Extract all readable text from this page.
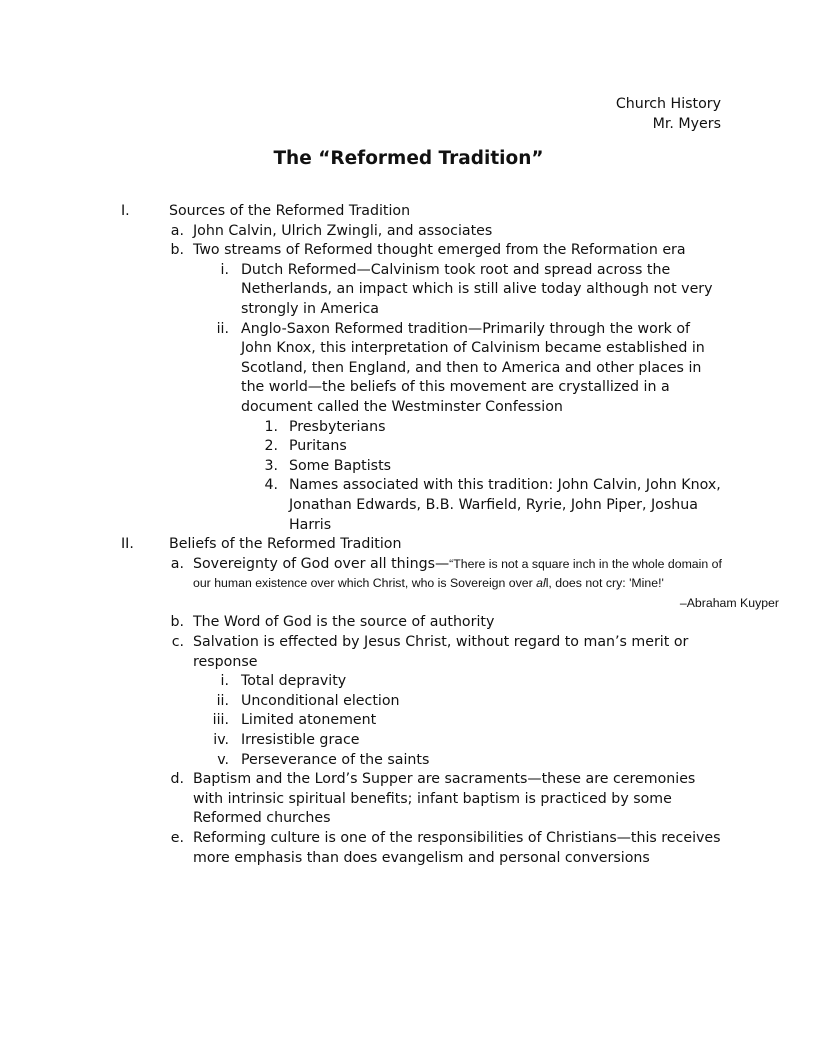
Church History
Mr. Myers
The “Reformed Tradition”
I.	Sources of the Reformed Tradition
a. John Calvin, Ulrich Zwingli, and associates
b. Two streams of Reformed thought emerged from the Reformation era
i. Dutch Reformed—Calvinism took root and spread across the Netherlands, an impact which is still alive today although not very strongly in America
ii. Anglo-Saxon Reformed tradition—Primarily through the work of John Knox, this interpretation of Calvinism became established in Scotland, then England, and then to America and other places in the world—the beliefs of this movement are crystallized in a document called the Westminster Confession
1. Presbyterians
2. Puritans
3. Some Baptists
4. Names associated with this tradition: John Calvin, John Knox, Jonathan Edwards, B.B. Warfield, Ryrie, John Piper, Joshua Harris
II. Beliefs of the Reformed Tradition
a. Sovereignty of God over all things—“There is not a square inch in the whole domain of our human existence over which Christ, who is Sovereign over all, does not cry: 'Mine!'
–Abraham Kuyper
b. The Word of God is the source of authority
c. Salvation is effected by Jesus Christ, without regard to man’s merit or response
i. Total depravity
ii. Unconditional election
iii. Limited atonement
iv. Irresistible grace
v. Perseverance of the saints
d. Baptism and the Lord’s Supper are sacraments—these are ceremonies with intrinsic spiritual benefits; infant baptism is practiced by some Reformed churches
e. Reforming culture is one of the responsibilities of Christians—this receives more emphasis than does evangelism and personal conversions
